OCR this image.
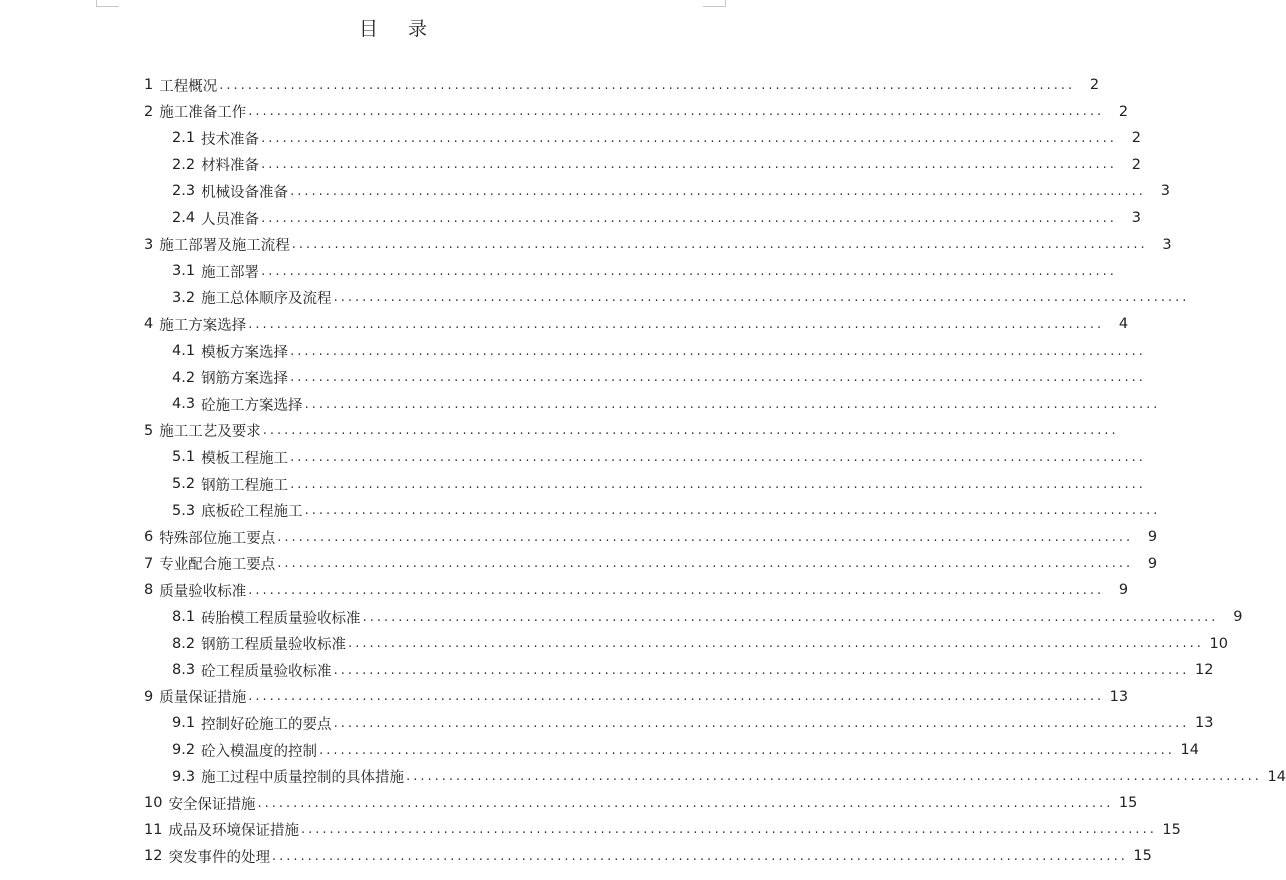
目 录
1 工程概况 ........................................................................................................................	2
2 施工准备工作 ........................................................................................................................	2
2.1 技术准备 ........................................................................................................................	2
2.2 材料准备 ........................................................................................................................	2
2.3 机械设备准备 ........................................................................................................................	3
2.4 人员准备 ........................................................................................................................	3
3 施工部署及施工流程 ........................................................................................................................	3
3.1 施工部署 ........................................................................................................................
3.2 施工总体顺序及流程 ........................................................................................................................
4 施工方案选择 ........................................................................................................................	4
4.1 模板方案选择 ........................................................................................................................
4.2 钢筋方案选择 ........................................................................................................................
4.3 砼施工方案选择 ........................................................................................................................
5 施工工艺及要求 ........................................................................................................................
5.1 模板工程施工 ........................................................................................................................
5.2 钢筋工程施工 ........................................................................................................................
5.3 底板砼工程施工 ........................................................................................................................
6 特殊部位施工要点 ........................................................................................................................	9
7 专业配合施工要点 ........................................................................................................................	9
8 质量验收标准 ........................................................................................................................	9
8.1 砖胎模工程质量验收标准 ........................................................................................................................	9
8.2 钢筋工程质量验收标准 ........................................................................................................................ 10
8.3 砼工程质量验收标准 ........................................................................................................................ 12
9 质量保证措施 ........................................................................................................................ 13
9.1 控制好砼施工的要点 ........................................................................................................................ 13
9.2 砼入模温度的控制 ........................................................................................................................ 14
9.3 施工过程中质量控制的具体措施 ........................................................................................................................ 14
10 安全保证措施 ........................................................................................................................ 15
11 成品及环境保证措施 ........................................................................................................................ 15
12 突发事件的处理 ........................................................................................................................ 15
